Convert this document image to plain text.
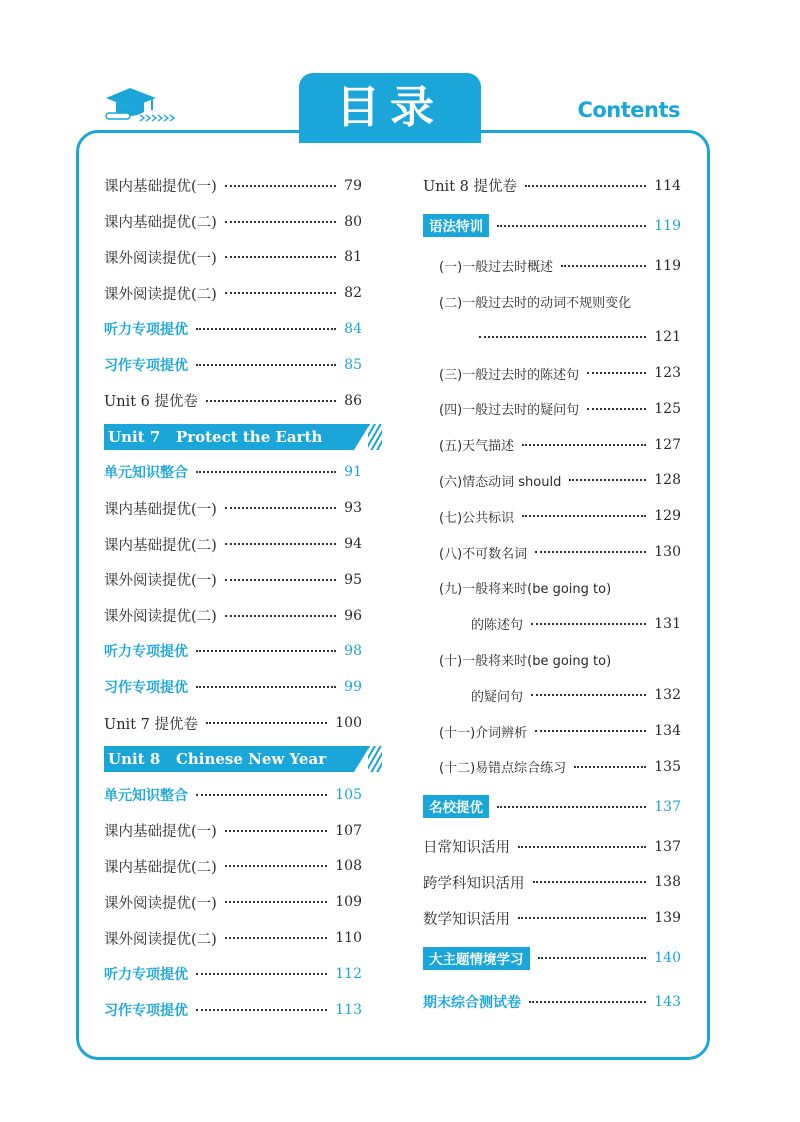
目录	Contents
课内基础提优(一)	79
课内基础提优(二)	80
课外阅读提优(一)	81
课外阅读提优(二)	82
听力专项提优	84
习作专项提优	85
Unit 6 提优卷	86
Unit 7   Protect the Earth
单元知识整合	91
课内基础提优(一)	93
课内基础提优(二)	94
课外阅读提优(一)	95
课外阅读提优(二)	96
听力专项提优	98
习作专项提优	99
Unit 7 提优卷	100
Unit 8   Chinese New Year
单元知识整合	105
课内基础提优(一)	107
课内基础提优(二)	108
课外阅读提优(一)	109
课外阅读提优(二)	110
听力专项提优	112
习作专项提优	113
Unit 8 提优卷	114
语法特训	119
(一)一般过去时概述	119
(二)一般过去时的动词不规则变化
121
(三)一般过去时的陈述句	123
(四)一般过去时的疑问句	125
(五)天气描述	127
(六)情态动词 should	128
(七)公共标识	129
(八)不可数名词	130
(九)一般将来时(be going to)
的陈述句	131
(十)一般将来时(be going to)
的疑问句	132
(十一)介词辨析	134
(十二)易错点综合练习	135
名校提优	137
日常知识活用	137
跨学科知识活用	138
数学知识活用	139
大主题情境学习	140
期末综合测试卷	143
